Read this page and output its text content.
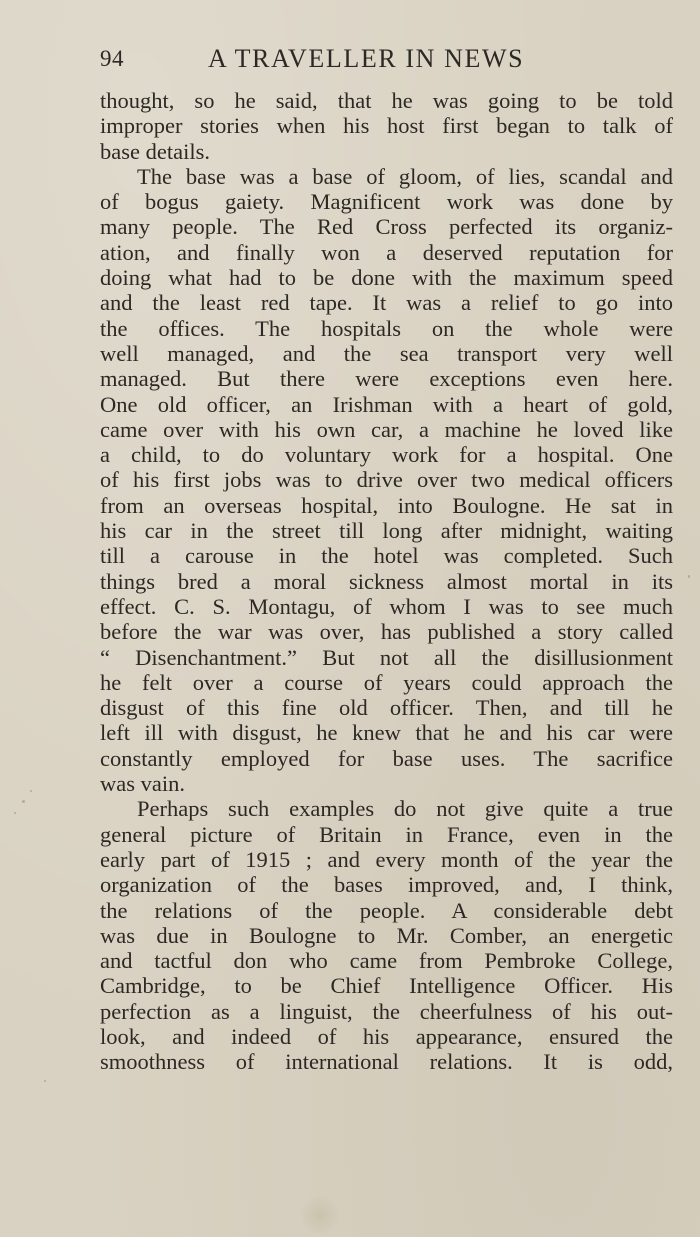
94	A TRAVELLER IN NEWS
thought, so he said, that he was going to be told
improper stories when his host first began to talk of
base details.
The base was a base of gloom, of lies, scandal and
of bogus gaiety. Magnificent work was done by
many people. The Red Cross perfected its organiz-
ation, and finally won a deserved reputation for
doing what had to be done with the maximum speed
and the least red tape. It was a relief to go into
the offices. The hospitals on the whole were
well managed, and the sea transport very well
managed. But there were exceptions even here.
One old officer, an Irishman with a heart of gold,
came over with his own car, a machine he loved like
a child, to do voluntary work for a hospital. One
of his first jobs was to drive over two medical officers
from an overseas hospital, into Boulogne. He sat in
his car in the street till long after midnight, waiting
till a carouse in the hotel was completed. Such
things bred a moral sickness almost mortal in its
effect. C. S. Montagu, of whom I was to see much
before the war was over, has published a story called
“ Disenchantment.” But not all the disillusionment
he felt over a course of years could approach the
disgust of this fine old officer. Then, and till he
left ill with disgust, he knew that he and his car were
constantly employed for base uses. The sacrifice
was vain.
Perhaps such examples do not give quite a true
general picture of Britain in France, even in the
early part of 1915 ; and every month of the year the
organization of the bases improved, and, I think,
the relations of the people. A considerable debt
was due in Boulogne to Mr. Comber, an energetic
and tactful don who came from Pembroke College,
Cambridge, to be Chief Intelligence Officer. His
perfection as a linguist, the cheerfulness of his out-
look, and indeed of his appearance, ensured the
smoothness of international relations. It is odd,
